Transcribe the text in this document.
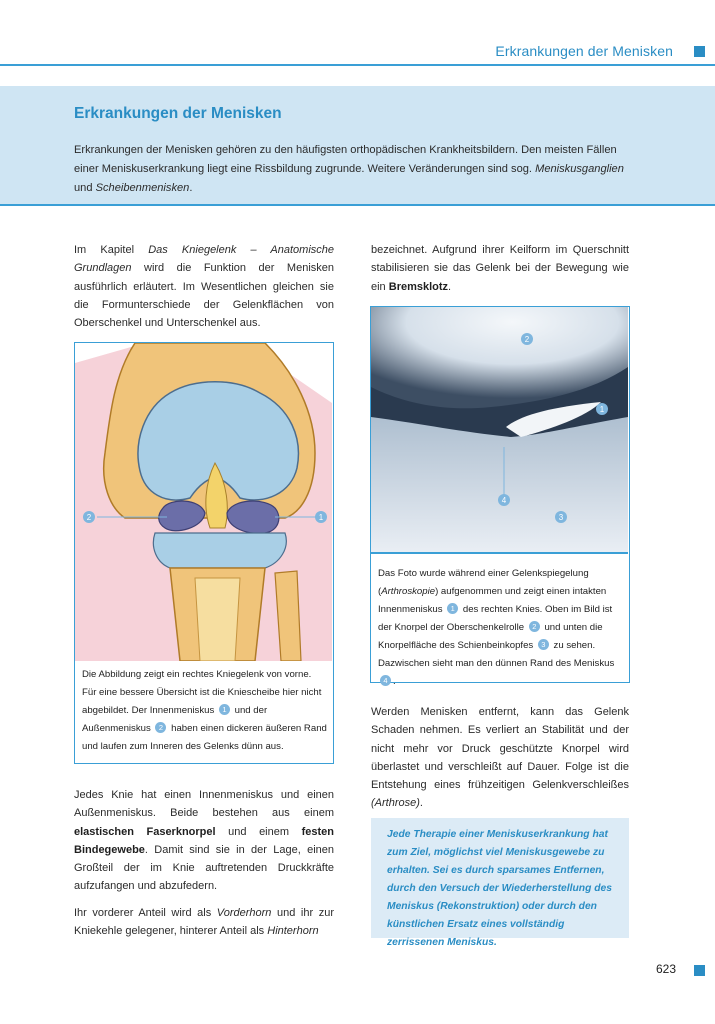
Erkrankungen der Menisken
Erkrankungen der Menisken
Erkrankungen der Menisken gehören zu den häufigsten orthopädischen Krankheitsbildern. Den meisten Fällen einer Meniskuserkrankung liegt eine Rissbildung zugrunde. Weitere Veränderungen sind sog. Meniskusganglien und Scheibenmenisken.
Im Kapitel Das Kniegelenk – Anatomische Grundlagen wird die Funktion der Menisken ausführlich erläutert. Im Wesentlichen gleichen sie die Formunterschiede der Gelenkflächen von Oberschenkel und Unterschenkel aus.
2	1
Die Abbildung zeigt ein rechtes Kniegelenk von vorne. Für eine bessere Übersicht ist die Kniescheibe hier nicht abgebildet. Der Innenmeniskus 1 und der Außenmeniskus 2 haben einen dickeren äußeren Rand und laufen zum Inneren des Gelenks dünn aus.
Jedes Knie hat einen Innenmeniskus und einen Außenmeniskus. Beide bestehen aus einem elastischen Faserknorpel und einem festen Bindegewebe. Damit sind sie in der Lage, einen Großteil der im Knie auftretenden Druckkräfte aufzufangen und abzufedern.
Ihr vorderer Anteil wird als Vorderhorn und ihr zur Kniekehle gelegener, hinterer Anteil als Hinterhorn
bezeichnet. Aufgrund ihrer Keilform im Querschnitt stabilisieren sie das Gelenk bei der Bewegung wie ein Bremsklotz.
2
1
4
3
Das Foto wurde während einer Gelenkspiegelung (Arthroskopie) aufgenommen und zeigt einen intakten Innenmeniskus 1 des rechten Knies. Oben im Bild ist der Knorpel der Oberschenkelrolle 2 und unten die Knorpelfläche des Schienbeinkopfes 3 zu sehen. Dazwischen sieht man den dünnen Rand des Meniskus 4 .
Werden Menisken entfernt, kann das Gelenk Schaden nehmen. Es verliert an Stabilität und der nicht mehr vor Druck geschützte Knorpel wird überlastet und verschleißt auf Dauer. Folge ist die Entstehung eines frühzeitigen Gelenkverschleißes (Arthrose).
Jede Therapie einer Meniskuserkrankung hat zum Ziel, möglichst viel Meniskusgewebe zu erhalten. Sei es durch sparsames Entfernen, durch den Versuch der Wiederherstellung des Meniskus (Rekonstruktion) oder durch den künstlichen Ersatz eines vollständig zerrissenen Meniskus.
623
